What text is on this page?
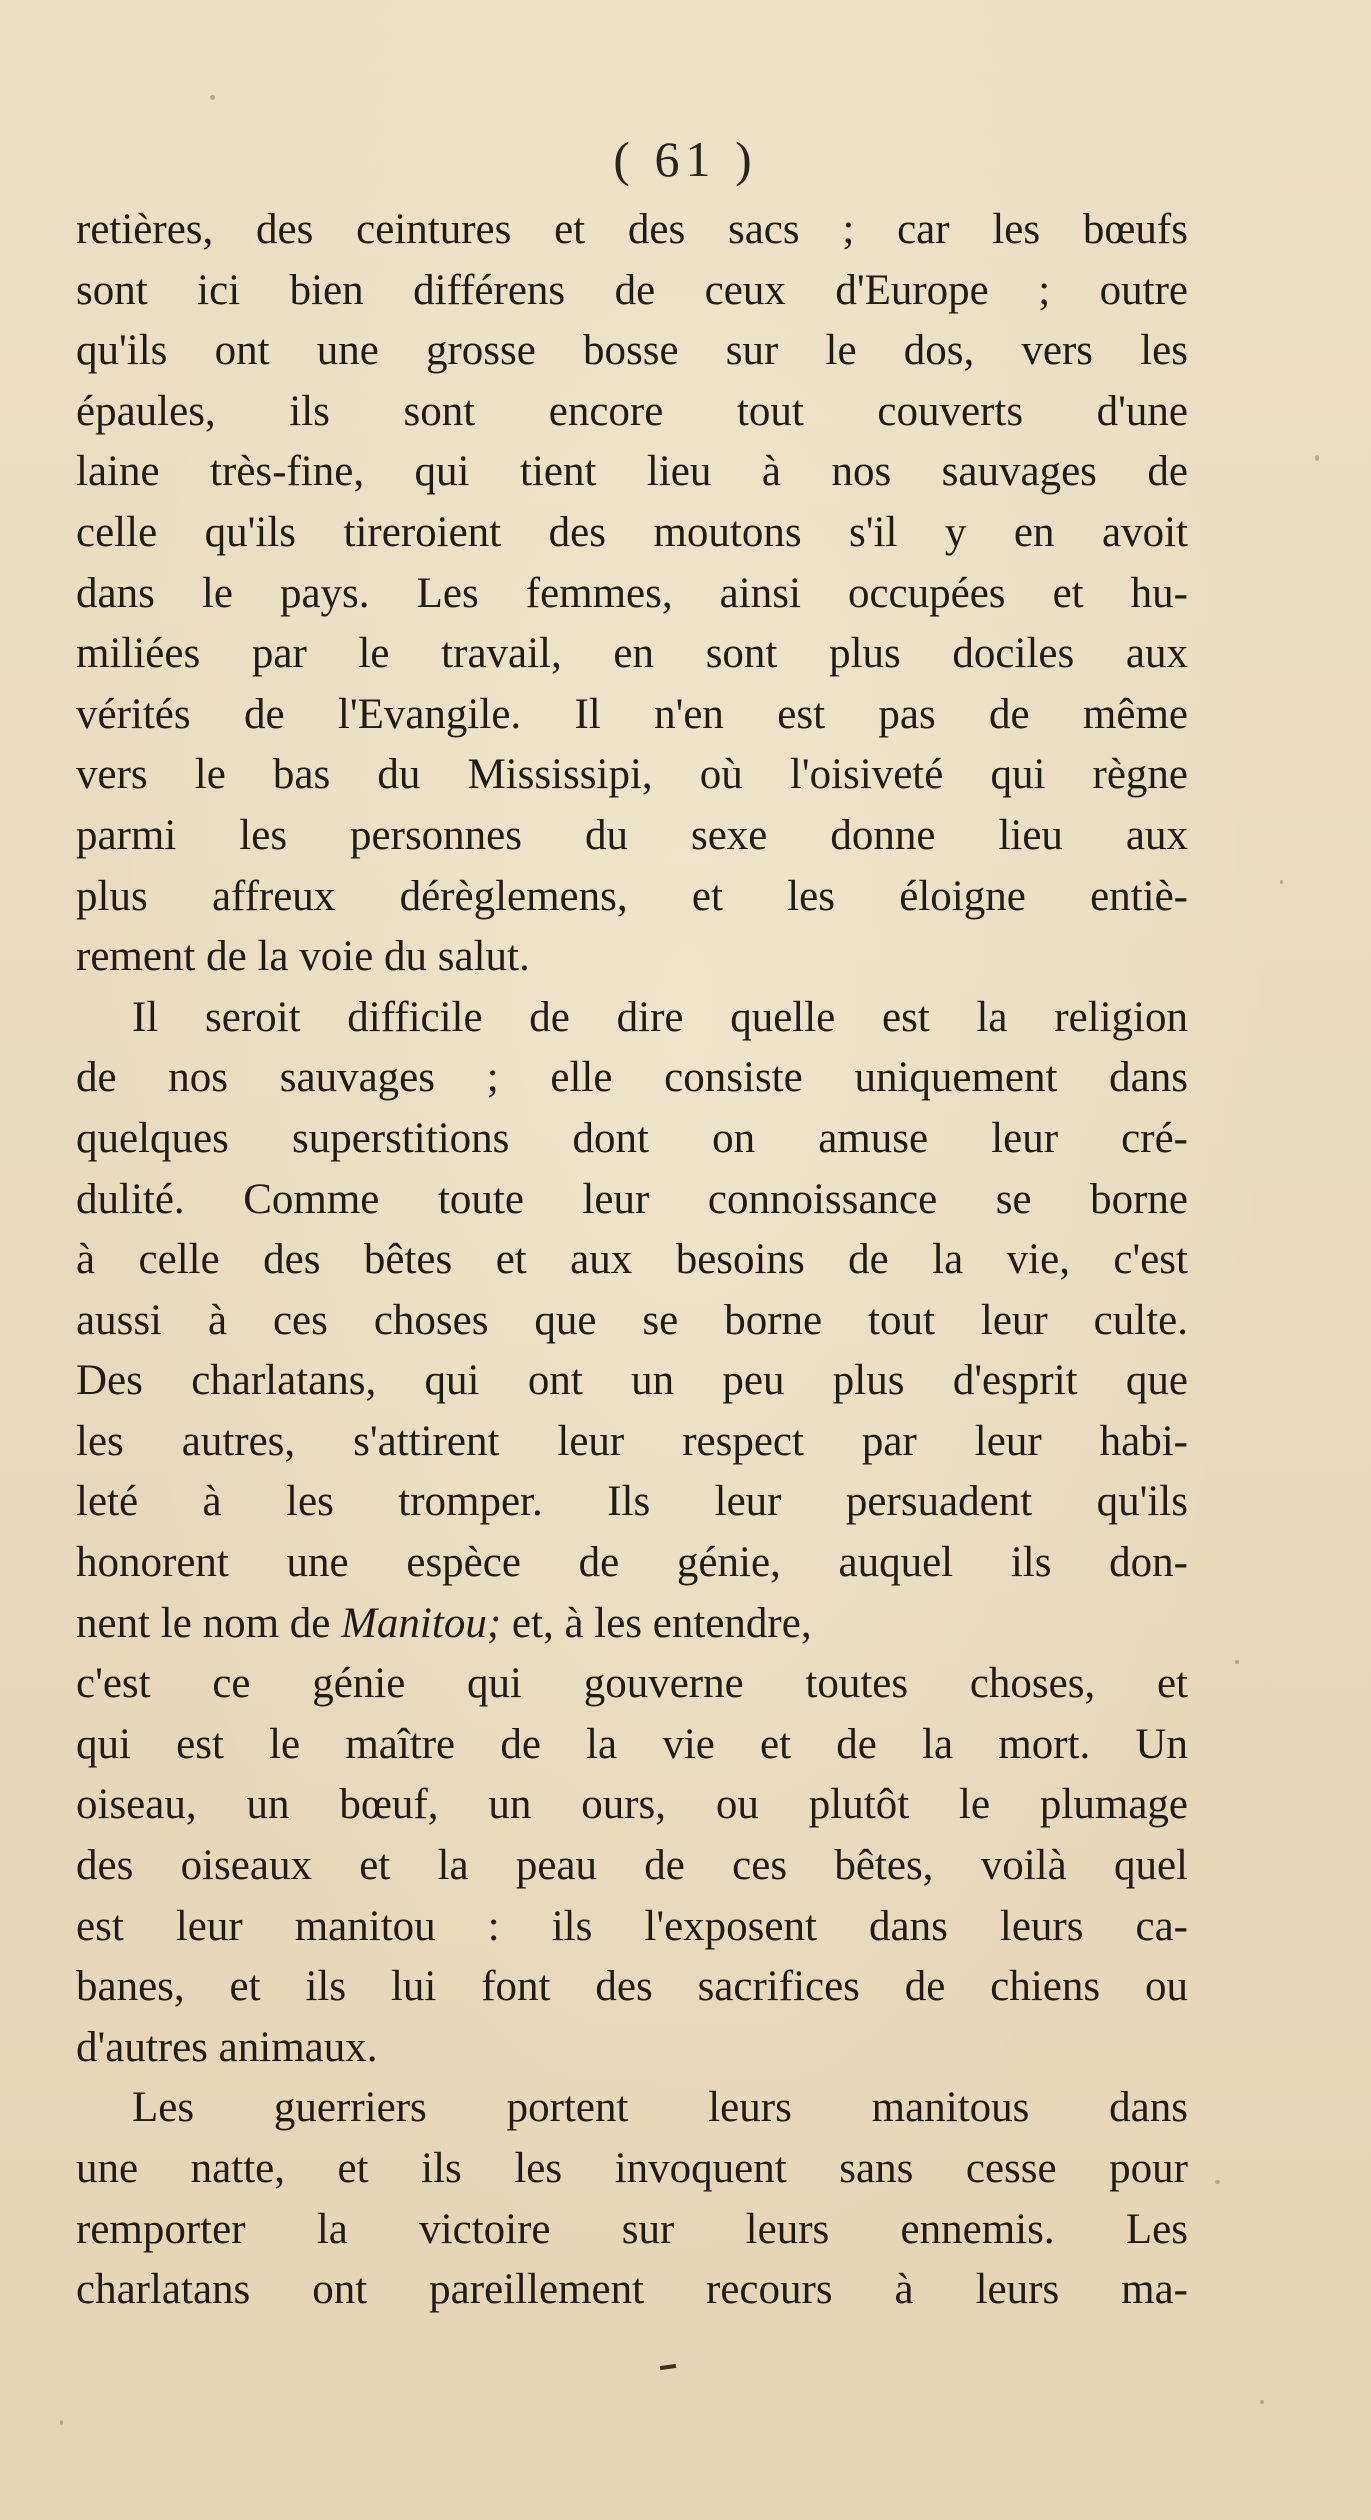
( 61 )
retières, des ceintures et des sacs ; car les bœufs
sont ici bien différens de ceux d'Europe ; outre
qu'ils ont une grosse bosse sur le dos, vers les
épaules, ils sont encore tout couverts d'une
laine très-fine, qui tient lieu à nos sauvages de
celle qu'ils tireroient des moutons s'il y en avoit
dans le pays. Les femmes, ainsi occupées et hu-
miliées par le travail, en sont plus dociles aux
vérités de l'Evangile. Il n'en est pas de même
vers le bas du Mississipi, où l'oisiveté qui règne
parmi les personnes du sexe donne lieu aux
plus affreux dérèglemens, et les éloigne entiè-
rement de la voie du salut.
Il seroit difficile de dire quelle est la religion
de nos sauvages ; elle consiste uniquement dans
quelques superstitions dont on amuse leur cré-
dulité. Comme toute leur connoissance se borne
à celle des bêtes et aux besoins de la vie, c'est
aussi à ces choses que se borne tout leur culte.
Des charlatans, qui ont un peu plus d'esprit que
les autres, s'attirent leur respect par leur habi-
leté à les tromper. Ils leur persuadent qu'ils
honorent une espèce de génie, auquel ils don-
nent le nom de Manitou; et, à les entendre,
c'est ce génie qui gouverne toutes choses, et
qui est le maître de la vie et de la mort. Un
oiseau, un bœuf, un ours, ou plutôt le plumage
des oiseaux et la peau de ces bêtes, voilà quel
est leur manitou : ils l'exposent dans leurs ca-
banes, et ils lui font des sacrifices de chiens ou
d'autres animaux.
Les guerriers portent leurs manitous dans
une natte, et ils les invoquent sans cesse pour
remporter la victoire sur leurs ennemis. Les
charlatans ont pareillement recours à leurs ma-
